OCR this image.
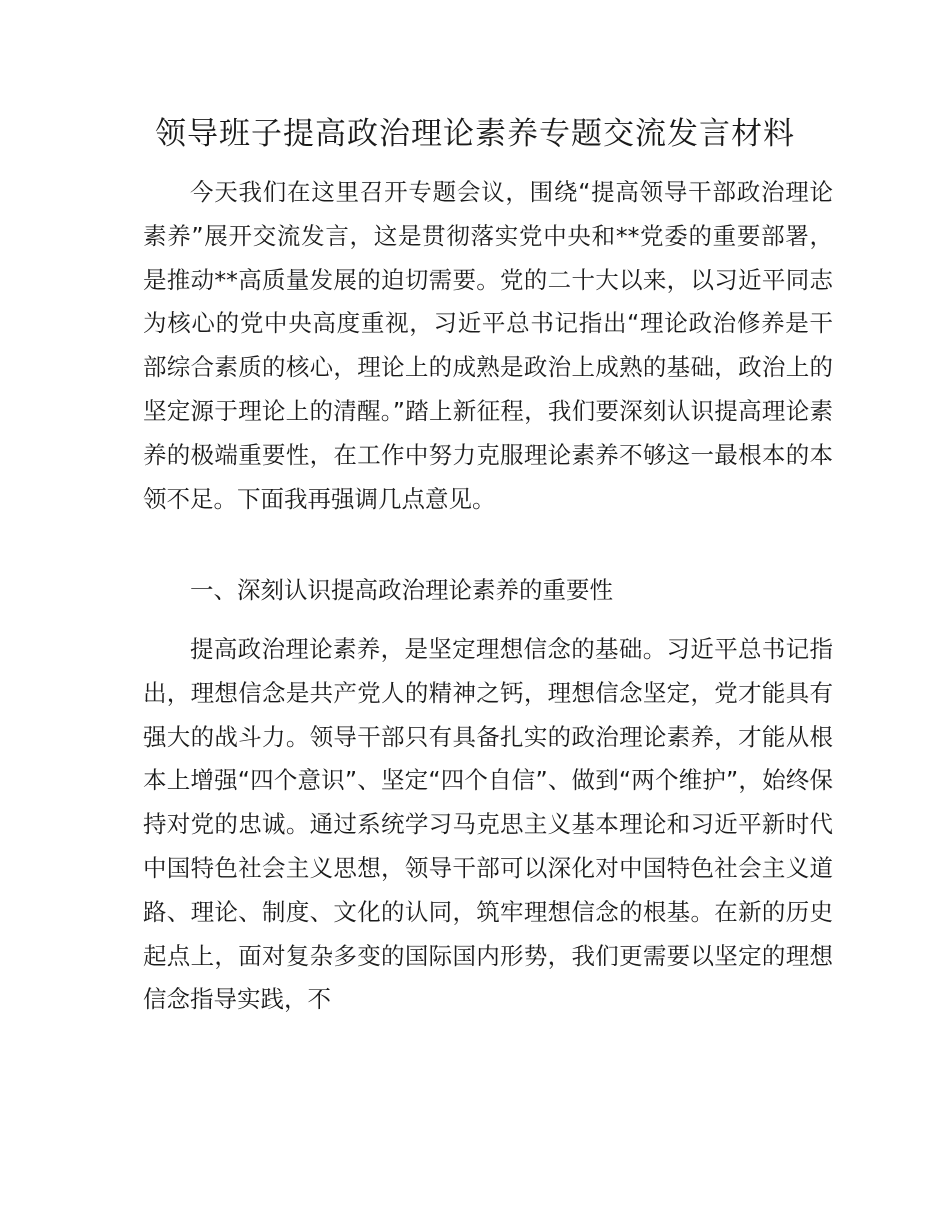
领导班子提高政治理论素养专题交流发言材料

今天我们在这里召开专题会议，围绕“提高领导干部政治理论素养”展开交流发言，这是贯彻落实党中央和**党委的重要部署，是推动**高质量发展的迫切需要。党的二十大以来，以习近平同志为核心的党中央高度重视，习近平总书记指出“理论政治修养是干部综合素质的核心，理论上的成熟是政治上成熟的基础，政治上的坚定源于理论上的清醒。”踏上新征程，我们要深刻认识提高理论素养的极端重要性，在工作中努力克服理论素养不够这一最根本的本领不足。下面我再强调几点意见。

一、深刻认识提高政治理论素养的重要性

提高政治理论素养，是坚定理想信念的基础。习近平总书记指出，理想信念是共产党人的精神之钙，理想信念坚定，党才能具有强大的战斗力。领导干部只有具备扎实的政治理论素养，才能从根本上增强“四个意识”、坚定“四个自信”、做到“两个维护”，始终保持对党的忠诚。通过系统学习马克思主义基本理论和习近平新时代中国特色社会主义思想，领导干部可以深化对中国特色社会主义道路、理论、制度、文化的认同，筑牢理想信念的根基。在新的历史起点上，面对复杂多变的国际国内形势，我们更需要以坚定的理想信念指导实践，不
